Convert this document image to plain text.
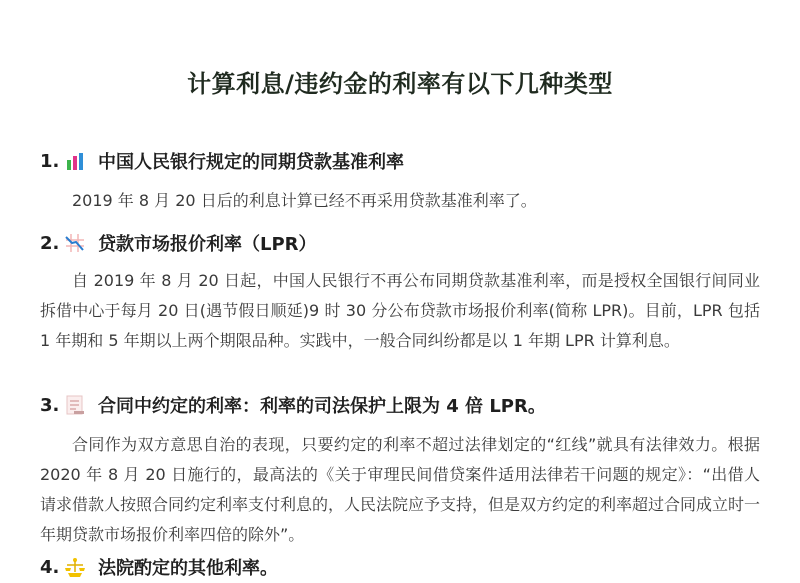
计算利息/违约金的利率有以下几种类型
1. 中国人民银行规定的同期贷款基准利率
2019 年 8 月 20 日后的利息计算已经不再采用贷款基准利率了。
2. 贷款市场报价利率（LPR）
自 2019 年 8 月 20 日起，中国人民银行不再公布同期贷款基准利率，而是授权全国银行间同业拆借中心于每月 20 日(遇节假日顺延)9 时 30 分公布贷款市场报价利率(简称 LPR)。目前，LPR 包括 1 年期和 5 年期以上两个期限品种。实践中，一般合同纠纷都是以 1 年期 LPR 计算利息。
3. 合同中约定的利率：利率的司法保护上限为 4 倍 LPR。
合同作为双方意思自治的表现，只要约定的利率不超过法律划定的“红线”就具有法律效力。根据 2020 年 8 月 20 日施行的，最高法的《关于审理民间借贷案件适用法律若干问题的规定》：“出借人请求借款人按照合同约定利率支付利息的，人民法院应予支持，但是双方约定的利率超过合同成立时一年期贷款市场报价利率四倍的除外”。
4. 法院酌定的其他利率。
